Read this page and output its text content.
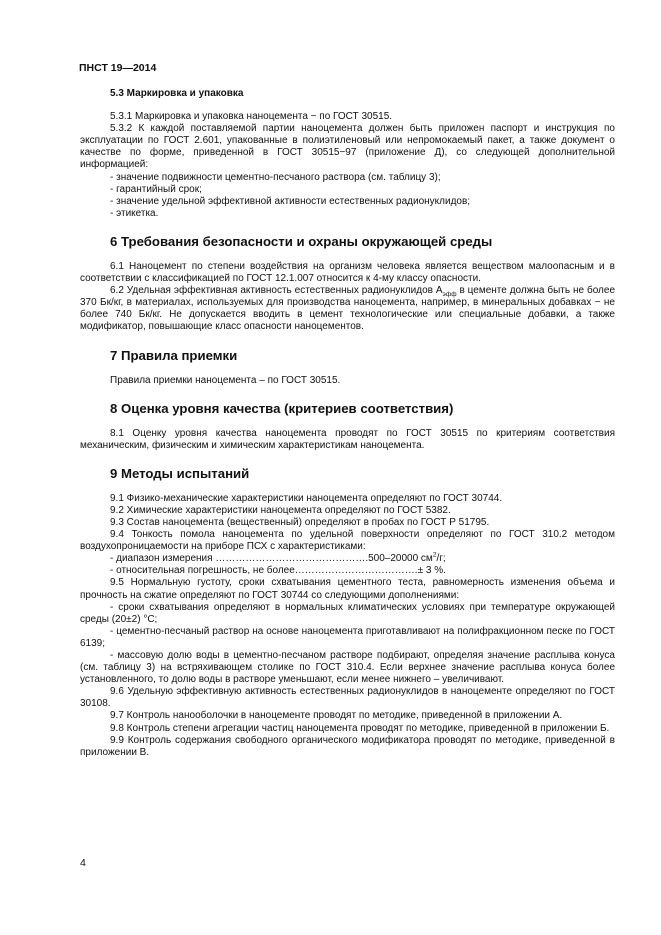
ПНСТ 19—2014
5.3 Маркировка и упаковка

5.3.1 Маркировка и упаковка наноцемента − по ГОСТ 30515.

5.3.2 К каждой поставляемой партии наноцемента должен быть приложен паспорт и инструкция по эксплуатации по ГОСТ 2.601, упакованные в полиэтиленовый или непромокаемый пакет, а также документ о качестве по форме, приведенной в ГОСТ 30515−97 (приложение Д), со следующей дополнительной информацией:

- значение подвижности цементно-песчаного раствора (см. таблицу 3);

- гарантийный срок;

- значение удельной эффективной активности естественных радионуклидов;

- этикетка.

6 Требования безопасности и охраны окружающей среды

6.1 Наноцемент по степени воздействия на организм человека является веществом малоопасным и в соответствии с классификацией по ГОСТ 12.1.007 относится к 4-му классу опасности.

6.2 Удельная эффективная активность естественных радионуклидов $А_{эфф}$ в цементе должна быть не более 370 Бк/кг, в материалах, используемых для производства наноцемента, например, в минеральных добавках − не более 740 Бк/кг. Не допускается вводить в цемент технологические или специальные добавки, а также модификатор, повышающие класс опасности наноцементов.

7 Правила приемки

Правила приемки наноцемента – по ГОСТ 30515.

8 Оценка уровня качества (критериев соответствия)

8.1 Оценку уровня качества наноцемента проводят по ГОСТ 30515 по критериям соответствия механическим, физическим и химическим характеристикам наноцемента.

9 Методы испытаний

9.1 Физико-механические характеристики наноцемента определяют по ГОСТ 30744.

9.2 Химические характеристики наноцемента определяют по ГОСТ 5382.

9.3 Состав наноцемента (вещественный) определяют в пробах по ГОСТ Р 51795.

9.4 Тонкость помола наноцемента по удельной поверхности определяют по ГОСТ 310.2 методом воздухопроницаемости на приборе ПСХ с характеристиками:

- диапазон измерения ……………………………………….500–20000 $см^2/г$;

- относительная погрешность, не более……………………………….± 3 %.

9.5 Нормальную густоту, сроки схватывания цементного теста, равномерность изменения объема и прочность на сжатие определяют по ГОСТ 30744 со следующими дополнениями:

- сроки схватывания определяют в нормальных климатических условиях при температуре окружающей среды (20±2) °С;

- цементно-песчаный раствор на основе наноцемента приготавливают на полифракционном песке по ГОСТ 6139;

- массовую долю воды в цементно-песчаном растворе подбирают, определяя значение расплыва конуса (см. таблицу 3) на встряхивающем столике по ГОСТ 310.4. Если верхнее значение расплыва конуса более установленного, то долю воды в растворе уменьшают, если менее нижнего – увеличивают.

9.6 Удельную эффективную активность естественных радионуклидов в наноцементе определяют по ГОСТ 30108.

9.7 Контроль нанооболочки в наноцементе проводят по методике, приведенной в приложении А.

9.8 Контроль степени агрегации частиц наноцемента проводят по методике, приведенной в приложении Б.

9.9 Контроль содержания свободного органического модификатора проводят по методике, приведенной в приложении В.

4
